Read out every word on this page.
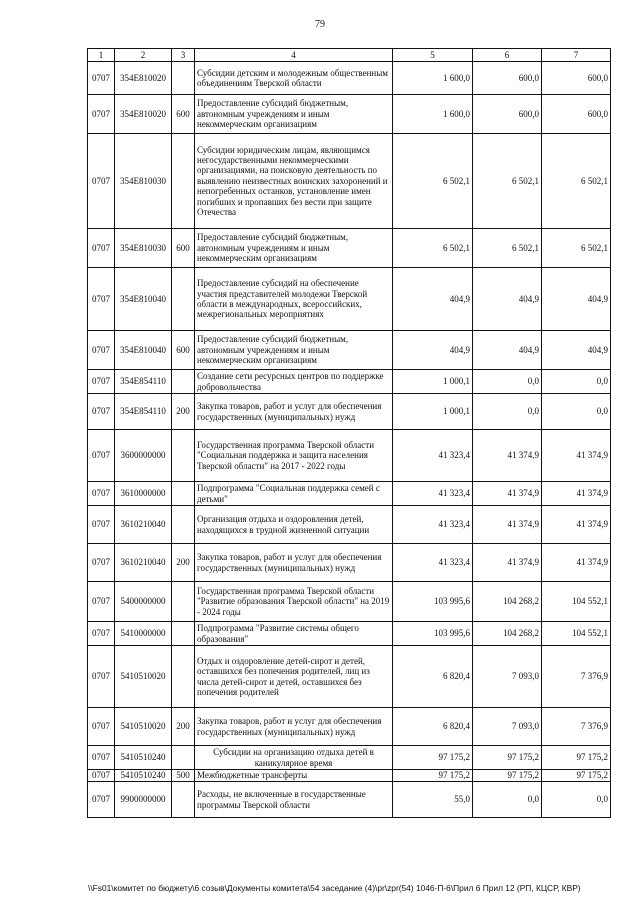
79
1	2	3	4	5	6	7
0707	354E810020		Субсидии детским и молодежным общественным объединениям Тверской области	1 600,0	600,0	600,0
0707	354E810020	600	Предоставление субсидий бюджетным, автономным учреждениям и иным некоммерческим организациям	1 600,0	600,0	600,0
0707	354E810030		Субсидии юридическим лицам, являющимся негосударственными некоммерческими организациями, на поисковую деятельность по выявлению неизвестных воинских захоронений и непогребенных останков, установление имен погибших и пропавших без вести при защите Отечества	6 502,1	6 502,1	6 502,1
0707	354E810030	600	Предоставление субсидий бюджетным, автономным учреждениям и иным некоммерческим организациям	6 502,1	6 502,1	6 502,1
0707	354E810040		Предоставление субсидий на обеспечение участия представителей молодежи Тверской области в международных, всероссийских, межрегиональных мероприятиях	404,9	404,9	404,9
0707	354E810040	600	Предоставление субсидий бюджетным, автономным учреждениям и иным некоммерческим организациям	404,9	404,9	404,9
0707	354E854110		Создание сети ресурсных центров по поддержке добровольчества	1 000,1	0,0	0,0
0707	354E854110	200	Закупка товаров, работ и услуг для обеспечения государственных (муниципальных) нужд	1 000,1	0,0	0,0
0707	3600000000		Государственная программа Тверской области "Социальная поддержка и защита населения Тверской области" на 2017 - 2022 годы	41 323,4	41 374,9	41 374,9
0707	3610000000		Подпрограмма "Социальная поддержка семей с детьми"	41 323,4	41 374,9	41 374,9
0707	3610210040		Организация отдыха и оздоровления детей, находящихся в трудной жизненной ситуации	41 323,4	41 374,9	41 374,9
0707	3610210040	200	Закупка товаров, работ и услуг для обеспечения государственных (муниципальных) нужд	41 323,4	41 374,9	41 374,9
0707	5400000000		Государственная программа Тверской области "Развитие образования Тверской области" на 2019 - 2024 годы	103 995,6	104 268,2	104 552,1
0707	5410000000		Подпрограмма "Развитие системы общего образования"	103 995,6	104 268,2	104 552,1
0707	5410510020		Отдых и оздоровление детей-сирот и детей, оставшихся без попечения родителей, лиц из числа детей-сирот и детей, оставшихся без попечения родителей	6 820,4	7 093,0	7 376,9
0707	5410510020	200	Закупка товаров, работ и услуг для обеспечения государственных (муниципальных) нужд	6 820,4	7 093,0	7 376,9
0707	5410510240		Субсидии на организацию отдыха детей в каникулярное время	97 175,2	97 175,2	97 175,2
0707	5410510240	500	Межбюджетные трансферты	97 175,2	97 175,2	97 175,2
0707	9900000000		Расходы, не включенные в государственные программы Тверской области	55,0	0,0	0,0
\\Fs01\комитет по бюджету\6 созыв\Документы комитета\54 заседание (4)\pr\zpr(54) 1046-П-6\Прил 6 Прил 12 (РП, КЦСР, КВР)
